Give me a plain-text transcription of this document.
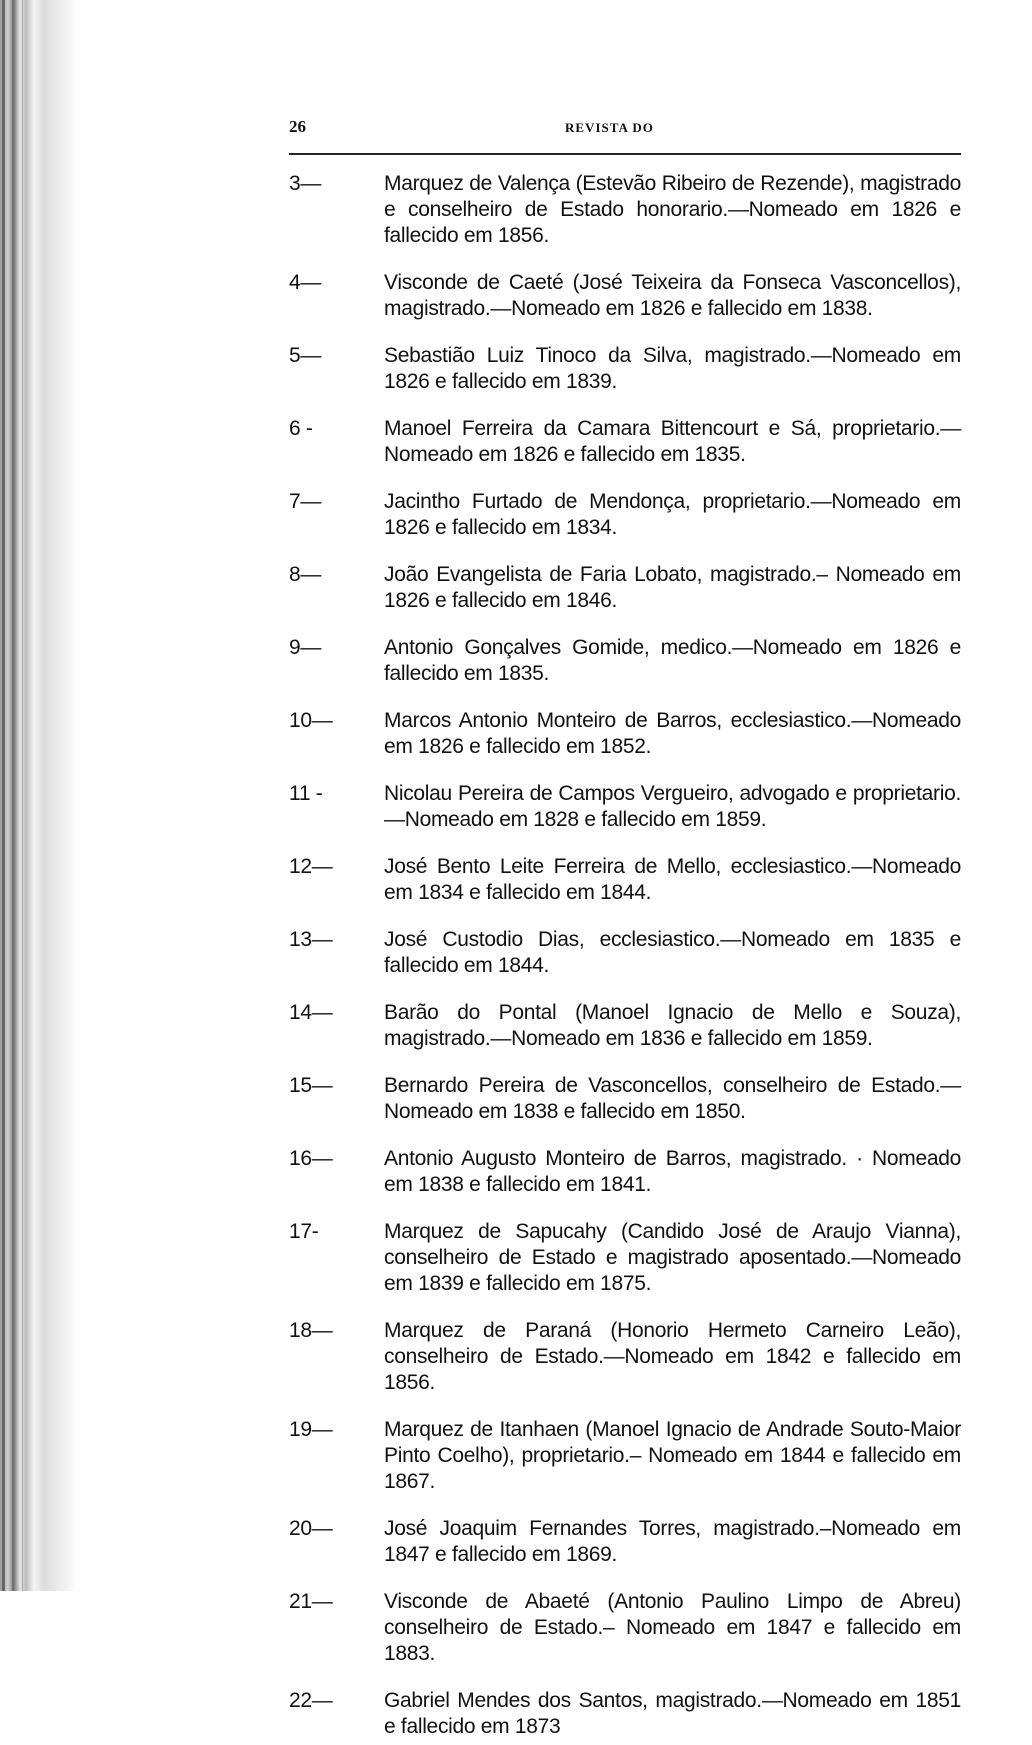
26	REVISTA DO

3—	Marquez de Valença (Estevão Ribeiro de Rezende), magistrado e conselheiro de Estado honorario.—Nomeado em 1826 e fallecido em 1856.

4—	Visconde de Caeté (José Teixeira da Fonseca Vasconcellos), magistrado.—Nomeado em 1826 e fallecido em 1838.

5—	Sebastião Luiz Tinoco da Silva, magistrado.—Nomeado em 1826 e fallecido em 1839.

6 -	Manoel Ferreira da Camara Bittencourt e Sá, proprietario.— Nomeado em 1826 e fallecido em 1835.

7—	Jacintho Furtado de Mendonça, proprietario.—Nomeado em 1826 e fallecido em 1834.

8—	João Evangelista de Faria Lobato, magistrado.– Nomeado em 1826 e fallecido em 1846.

9—	Antonio Gonçalves Gomide, medico.—Nomeado em 1826 e fallecido em 1835.

10—	Marcos Antonio Monteiro de Barros, ecclesiastico.—Nomeado em 1826 e fallecido em 1852.

11 -	Nicolau Pereira de Campos Vergueiro, advogado e proprietario.—Nomeado em 1828 e fallecido em 1859.

12—	José Bento Leite Ferreira de Mello, ecclesiastico.—Nomeado em 1834 e fallecido em 1844.

13—	José Custodio Dias, ecclesiastico.—Nomeado em 1835 e fallecido em 1844.

14—	Barão do Pontal (Manoel Ignacio de Mello e Souza), magistrado.—Nomeado em 1836 e fallecido em 1859.

15—	Bernardo Pereira de Vasconcellos, conselheiro de Estado.— Nomeado em 1838 e fallecido em 1850.

16—	Antonio Augusto Monteiro de Barros, magistrado. · Nomeado em 1838 e fallecido em 1841.

17-	Marquez de Sapucahy (Candido José de Araujo Vianna), conselheiro de Estado e magistrado aposentado.—Nomeado em 1839 e fallecido em 1875.

18—	Marquez de Paraná (Honorio Hermeto Carneiro Leão), conselheiro de Estado.—Nomeado em 1842 e fallecido em 1856.

19—	Marquez de Itanhaen (Manoel Ignacio de Andrade Souto-Maior Pinto Coelho), proprietario.– Nomeado em 1844 e fallecido em 1867.

20—	José Joaquim Fernandes Torres, magistrado.–Nomeado em 1847 e fallecido em 1869.

21—	Visconde de Abaeté (Antonio Paulino Limpo de Abreu) conselheiro de Estado.– Nomeado em 1847 e fallecido em 1883.

22—	Gabriel Mendes dos Santos, magistrado.—Nomeado em 1851 e fallecido em 1873
